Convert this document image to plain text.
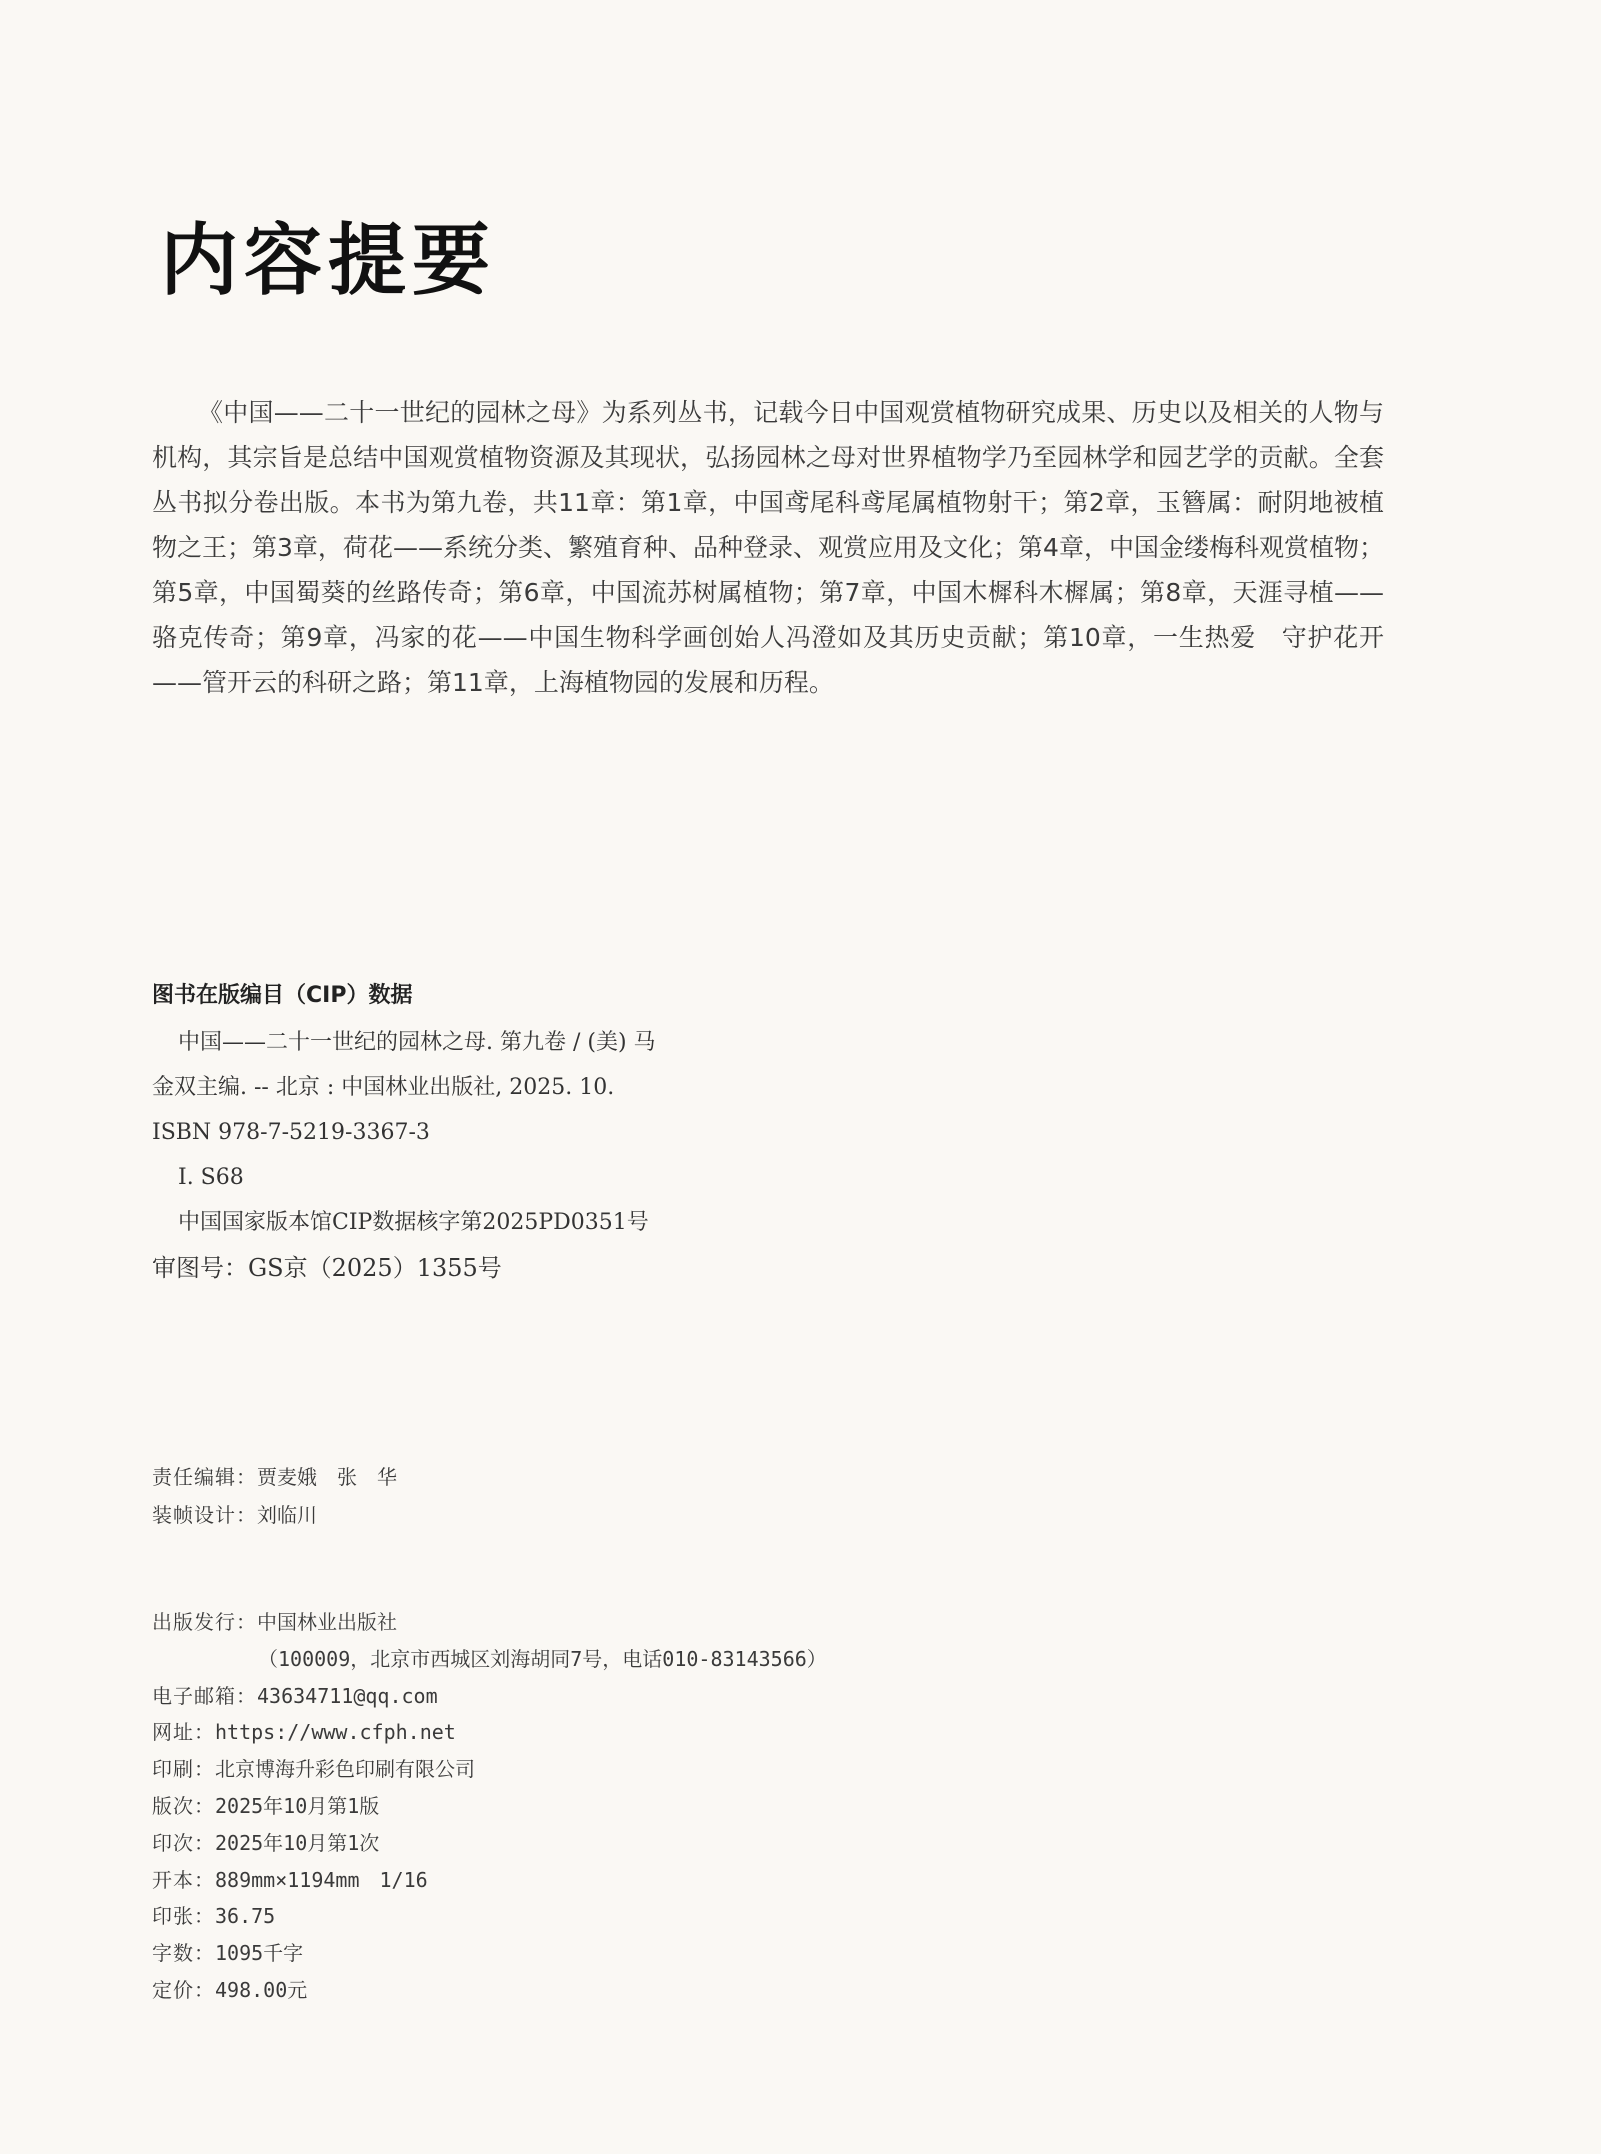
内容提要

《中国——二十一世纪的园林之母》为系列丛书，记载今日中国观赏植物研究成果、历史以及相关的人物与机构，其宗旨是总结中国观赏植物资源及其现状，弘扬园林之母对世界植物学乃至园林学和园艺学的贡献。全套丛书拟分卷出版。本书为第九卷，共11章：第1章，中国鸢尾科鸢尾属植物射干；第2章，玉簪属：耐阴地被植物之王；第3章，荷花——系统分类、繁殖育种、品种登录、观赏应用及文化；第4章，中国金缕梅科观赏植物；第5章，中国蜀葵的丝路传奇；第6章，中国流苏树属植物；第7章，中国木樨科木樨属；第8章，天涯寻植——骆克传奇；第9章，冯家的花——中国生物科学画创始人冯澄如及其历史贡献；第10章，一生热爱　守护花开——管开云的科研之路；第11章，上海植物园的发展和历程。

图书在版编目（CIP）数据

中国——二十一世纪的园林之母. 第九卷 / (美) 马

金双主编. -- 北京 : 中国林业出版社, 2025. 10.

ISBN 978-7-5219-3367-3

Ⅰ. S68

中国国家版本馆CIP数据核字第2025PD0351号

审图号：GS京（2025）1355号

责任编辑：贾麦娥　张　华

装帧设计：刘临川

出版发行：中国林业出版社

（100009，北京市西城区刘海胡同7号，电话010-83143566）

电子邮箱：43634711@qq.com

网址：https://www.cfph.net

印刷：北京博海升彩色印刷有限公司

版次：2025年10月第1版

印次：2025年10月第1次

开本：889mm×1194mm　1/16

印张：36.75

字数：1095千字

定价：498.00元
